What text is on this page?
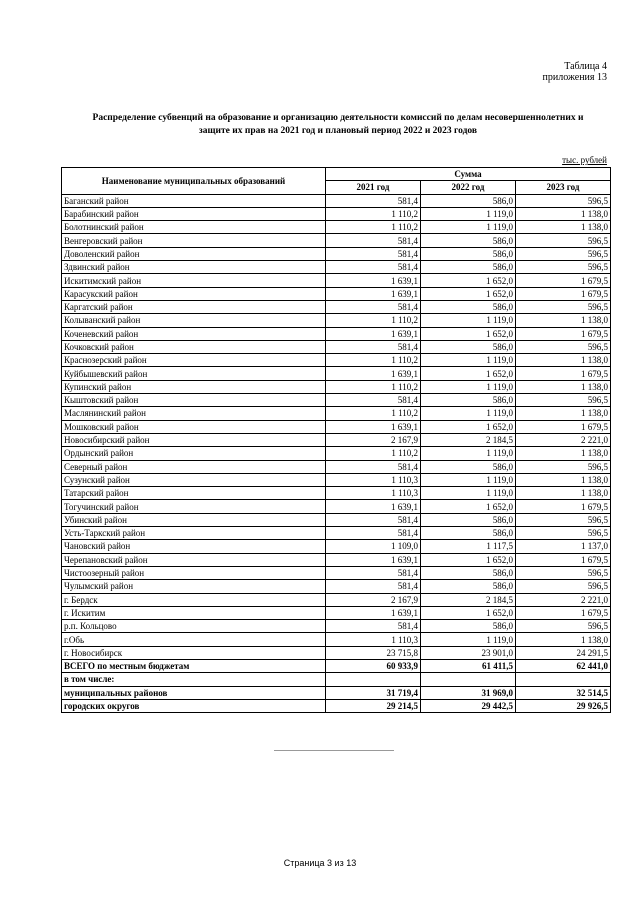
Таблица 4
приложения 13
Распределение субвенций на образование и организацию деятельности комиссий по делам несовершеннолетних и
защите их прав на 2021 год и плановый период 2022 и 2023 годов
тыс. рублей
Наименование муниципальных образований	Сумма		
	2021 год	2022 год	2023 год
Баганский район	581,4	586,0	596,5
Барабинский район	1 110,2	1 119,0	1 138,0
Болотнинский район	1 110,2	1 119,0	1 138,0
Венгеровский район	581,4	586,0	596,5
Доволенский район	581,4	586,0	596,5
Здвинский район	581,4	586,0	596,5
Искитимский район	1 639,1	1 652,0	1 679,5
Карасукский район	1 639,1	1 652,0	1 679,5
Каргатский район	581,4	586,0	596,5
Колыванский район	1 110,2	1 119,0	1 138,0
Коченевский район	1 639,1	1 652,0	1 679,5
Кочковский район	581,4	586,0	596,5
Краснозерский район	1 110,2	1 119,0	1 138,0
Куйбышевский район	1 639,1	1 652,0	1 679,5
Купинский район	1 110,2	1 119,0	1 138,0
Кыштовский район	581,4	586,0	596,5
Маслянинский район	1 110,2	1 119,0	1 138,0
Мошковский район	1 639,1	1 652,0	1 679,5
Новосибирский район	2 167,9	2 184,5	2 221,0
Ордынский район	1 110,2	1 119,0	1 138,0
Северный район	581,4	586,0	596,5
Сузунский район	1 110,3	1 119,0	1 138,0
Татарский район	1 110,3	1 119,0	1 138,0
Тогучинский район	1 639,1	1 652,0	1 679,5
Убинский район	581,4	586,0	596,5
Усть-Таркский район	581,4	586,0	596,5
Чановский район	1 109,0	1 117,5	1 137,0
Черепановский район	1 639,1	1 652,0	1 679,5
Чистоозерный район	581,4	586,0	596,5
Чулымский район	581,4	586,0	596,5
г. Бердск	2 167,9	2 184,5	2 221,0
г. Искитим	1 639,1	1 652,0	1 679,5
р.п. Кольцово	581,4	586,0	596,5
г.Обь	1 110,3	1 119,0	1 138,0
г. Новосибирск	23 715,8	23 901,0	24 291,5
ВСЕГО по местным бюджетам	60 933,9	61 411,5	62 441,0
в том числе:			
муниципальных районов	31 719,4	31 969,0	32 514,5
городских округов	29 214,5	29 442,5	29 926,5
Страница 3 из 13
